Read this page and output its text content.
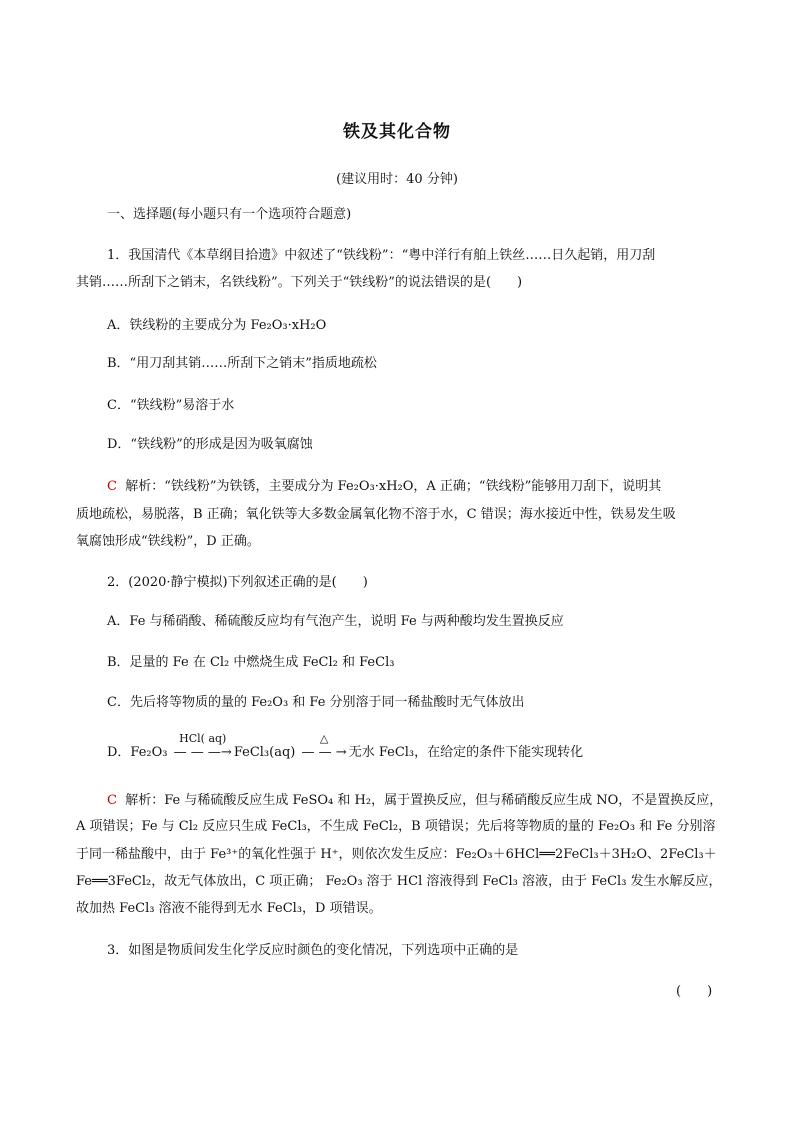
铁及其化合物
(建议用时：40 分钟)
一、选择题(每小题只有一个选项符合题意)
1．我国清代《本草纲目拾遗》中叙述了“铁线粉”：“粤中洋行有舶上铁丝……日久起销，用刀刮
其销……所刮下之销末，名铁线粉”。下列关于“铁线粉”的说法错误的是(　　)
A．铁线粉的主要成分为 Fe₂O₃·xH₂O
B．“用刀刮其销……所刮下之销末”指质地疏松
C．“铁线粉”易溶于水
D．“铁线粉”的形成是因为吸氧腐蚀
C 解析：“铁线粉”为铁锈，主要成分为 Fe₂O₃·xH₂O，A 正确；“铁线粉”能够用刀刮下，说明其
质地疏松，易脱落，B 正确；氧化铁等大多数金属氧化物不溶于水，C 错误；海水接近中性，铁易发生吸
氧腐蚀形成“铁线粉”，D 正确。
2．(2020·静宁模拟)下列叙述正确的是(　　)
A．Fe 与稀硝酸、稀硫酸反应均有气泡产生，说明 Fe 与两种酸均发生置换反应
B．足量的 Fe 在 Cl₂ 中燃烧生成 FeCl₂ 和 FeCl₃
C．先后将等物质的量的 Fe₂O₃ 和 Fe 分别溶于同一稀盐酸时无气体放出
D．Fe₂O₃
HCl( aq)
— — —→ FeCl₃(aq)
△
— — → 无水 FeCl₃，在给定的条件下能实现转化
C 解析：Fe 与稀硫酸反应生成 FeSO₄ 和 H₂，属于置换反应，但与稀硝酸反应生成 NO，不是置换反应，
A 项错误；Fe 与 Cl₂ 反应只生成 FeCl₃，不生成 FeCl₂，B 项错误；先后将等物质的量的 Fe₂O₃ 和 Fe 分别溶
于同一稀盐酸中，由于 Fe³⁺的氧化性强于 H⁺，则依次发生反应：Fe₂O₃＋6HCl══2FeCl₃＋3H₂O、2FeCl₃＋
Fe══3FeCl₂，故无气体放出，C 项正确； Fe₂O₃ 溶于 HCl 溶液得到 FeCl₃ 溶液，由于 FeCl₃ 发生水解反应，
故加热 FeCl₃ 溶液不能得到无水 FeCl₃，D 项错误。
3．如图是物质间发生化学反应时颜色的变化情况，下列选项中正确的是
(　　)
